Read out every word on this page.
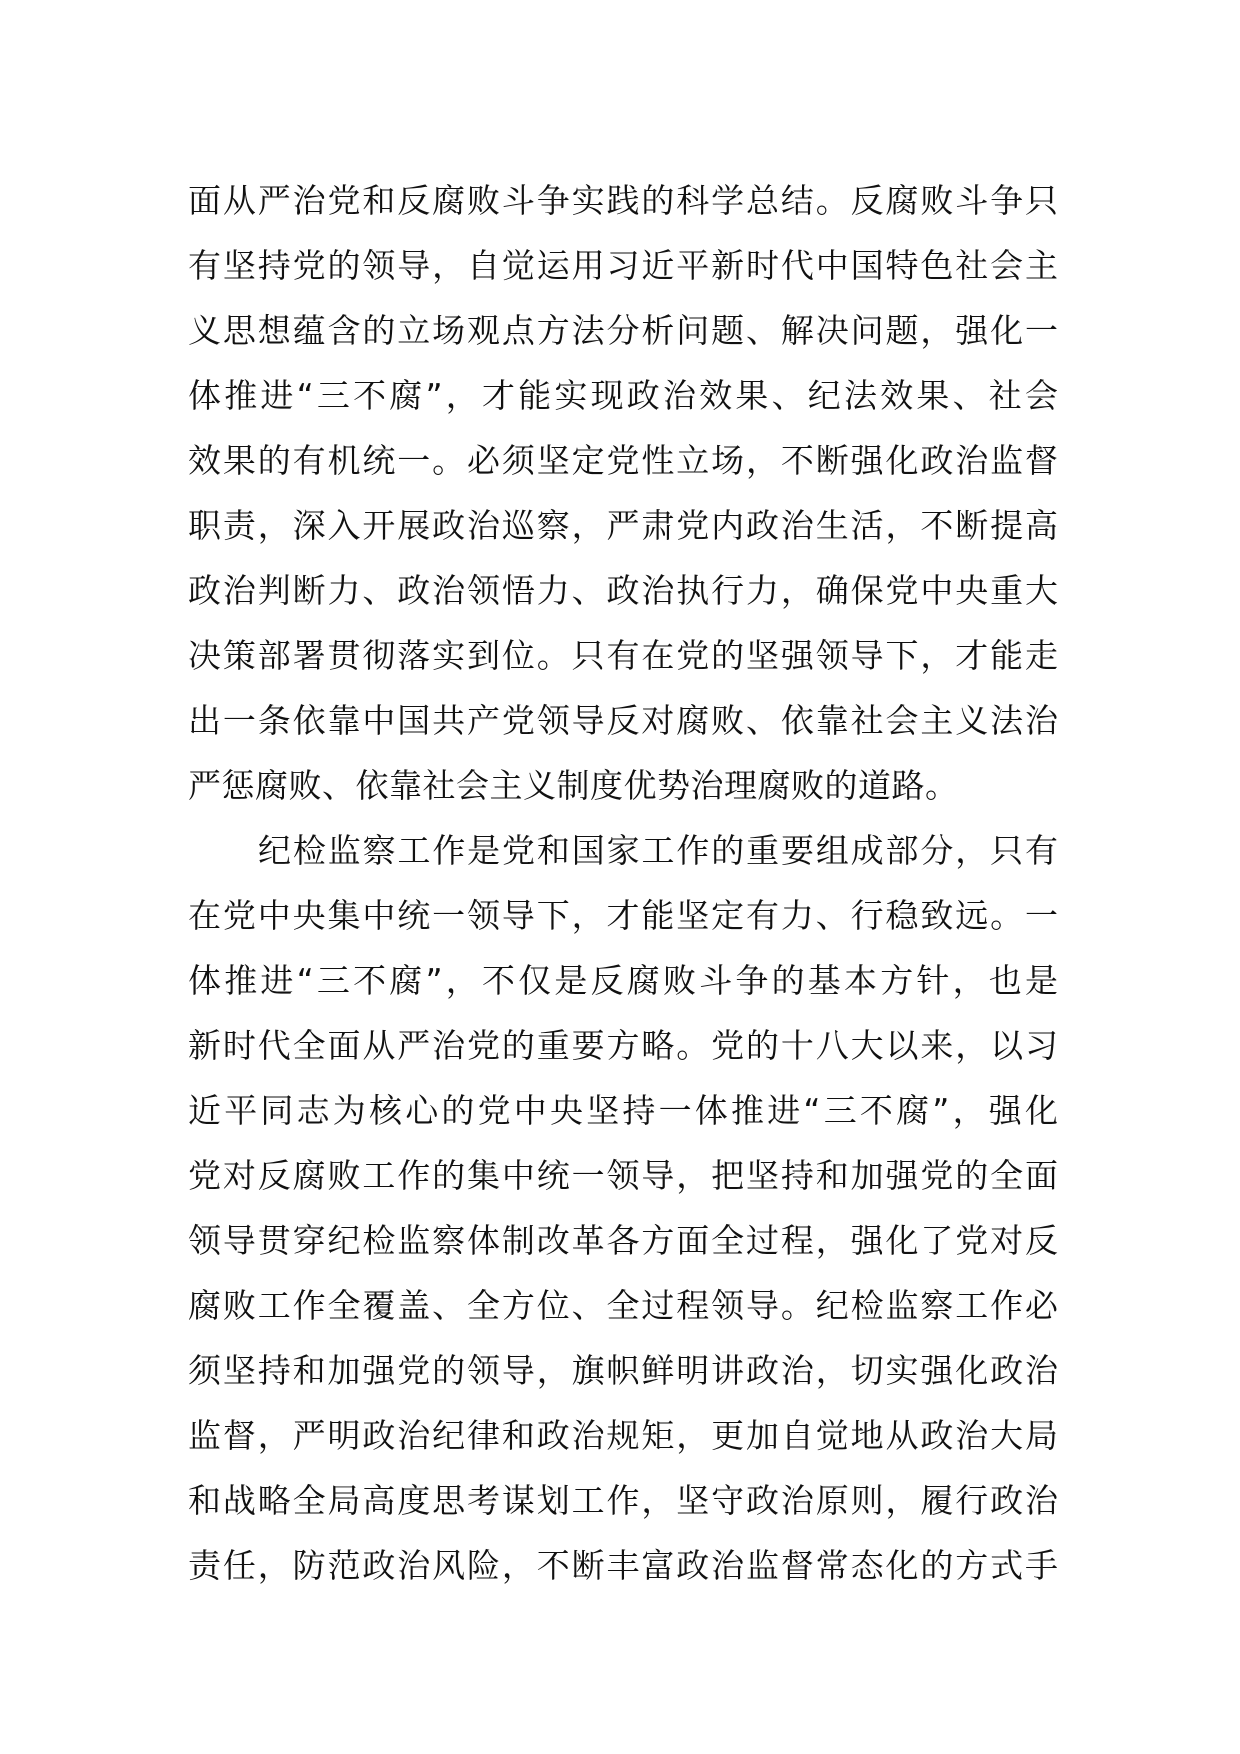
面从严治党和反腐败斗争实践的科学总结。反腐败斗争只
有坚持党的领导，自觉运用习近平新时代中国特色社会主
义思想蕴含的立场观点方法分析问题、解决问题，强化一
体推进“三不腐”，才能实现政治效果、纪法效果、社会
效果的有机统一。必须坚定党性立场，不断强化政治监督
职责，深入开展政治巡察，严肃党内政治生活，不断提高
政治判断力、政治领悟力、政治执行力，确保党中央重大
决策部署贯彻落实到位。只有在党的坚强领导下，才能走
出一条依靠中国共产党领导反对腐败、依靠社会主义法治
严惩腐败、依靠社会主义制度优势治理腐败的道路。
纪检监察工作是党和国家工作的重要组成部分，只有
在党中央集中统一领导下，才能坚定有力、行稳致远。一
体推进“三不腐”，不仅是反腐败斗争的基本方针，也是
新时代全面从严治党的重要方略。党的十八大以来，以习
近平同志为核心的党中央坚持一体推进“三不腐”，强化
党对反腐败工作的集中统一领导，把坚持和加强党的全面
领导贯穿纪检监察体制改革各方面全过程，强化了党对反
腐败工作全覆盖、全方位、全过程领导。纪检监察工作必
须坚持和加强党的领导，旗帜鲜明讲政治，切实强化政治
监督，严明政治纪律和政治规矩，更加自觉地从政治大局
和战略全局高度思考谋划工作，坚守政治原则，履行政治
责任，防范政治风险，不断丰富政治监督常态化的方式手
